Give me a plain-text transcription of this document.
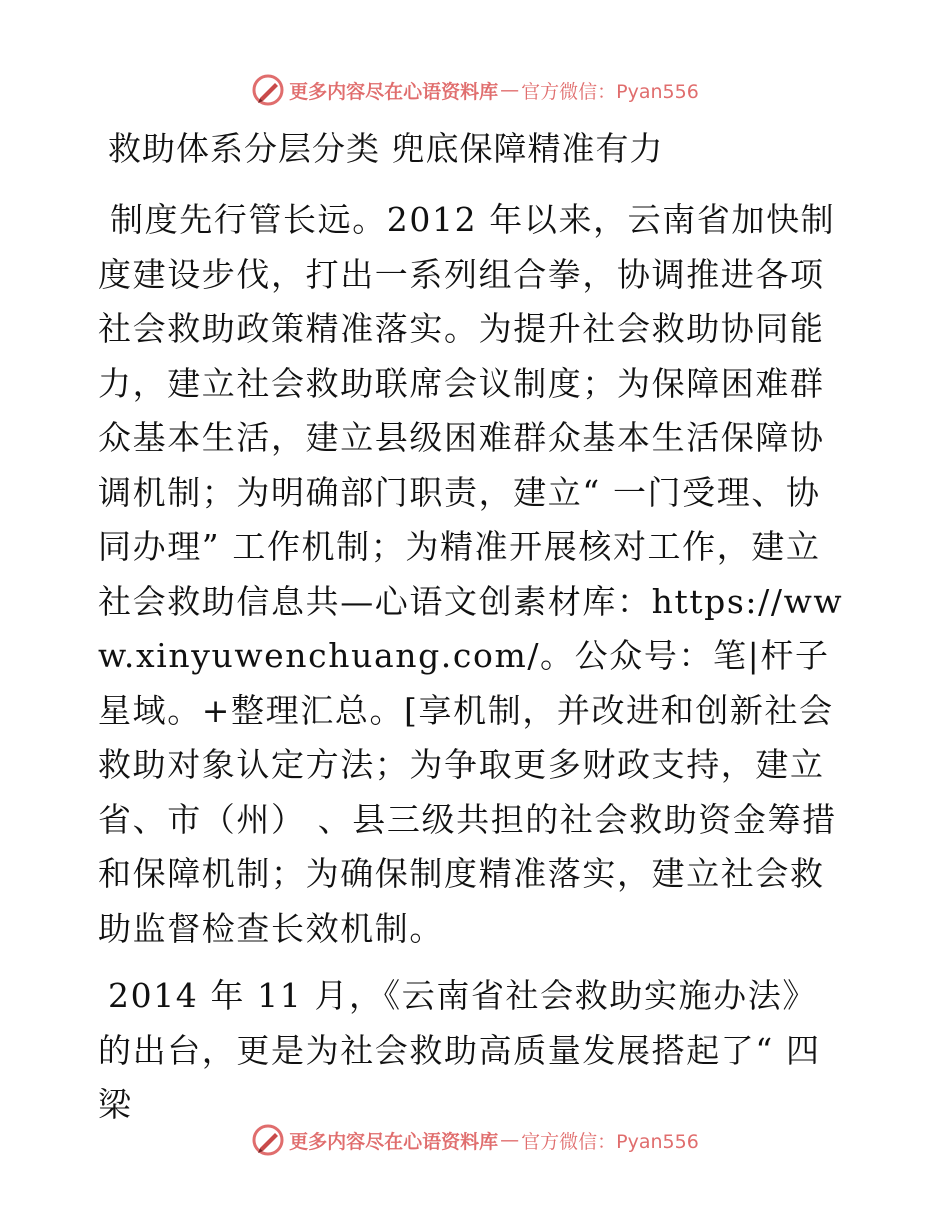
更多内容尽在心语资料库 — 官方微信：Pyan556
救助体系分层分类 兜底保障精准有力

制度先行管长远。2012 年以来，云南省加快制度建设步伐，打出一系列组合拳，协调推进各项社会救助政策精准落实。为提升社会救助协同能力，建立社会救助联席会议制度；为保障困难群众基本生活，建立县级困难群众基本生活保障协调机制；为明确部门职责，建立“ 一门受理、协同办理” 工作机制；为精准开展核对工作，建立社会救助信息共—心语文创素材库：https://www.xinyuwenchuang.com/。公众号：笔|杆子星域。+整理汇总。[享机制，并改进和创新社会救助对象认定方法；为争取更多财政支持，建立省、市（州） 、县三级共担的社会救助资金筹措和保障机制；为确保制度精准落实，建立社会救助监督检查长效机制。

2014 年 11 月，《云南省社会救助实施办法》的出台，更是为社会救助高质量发展搭起了“ 四梁

更多内容尽在心语资料库 — 官方微信：Pyan556
